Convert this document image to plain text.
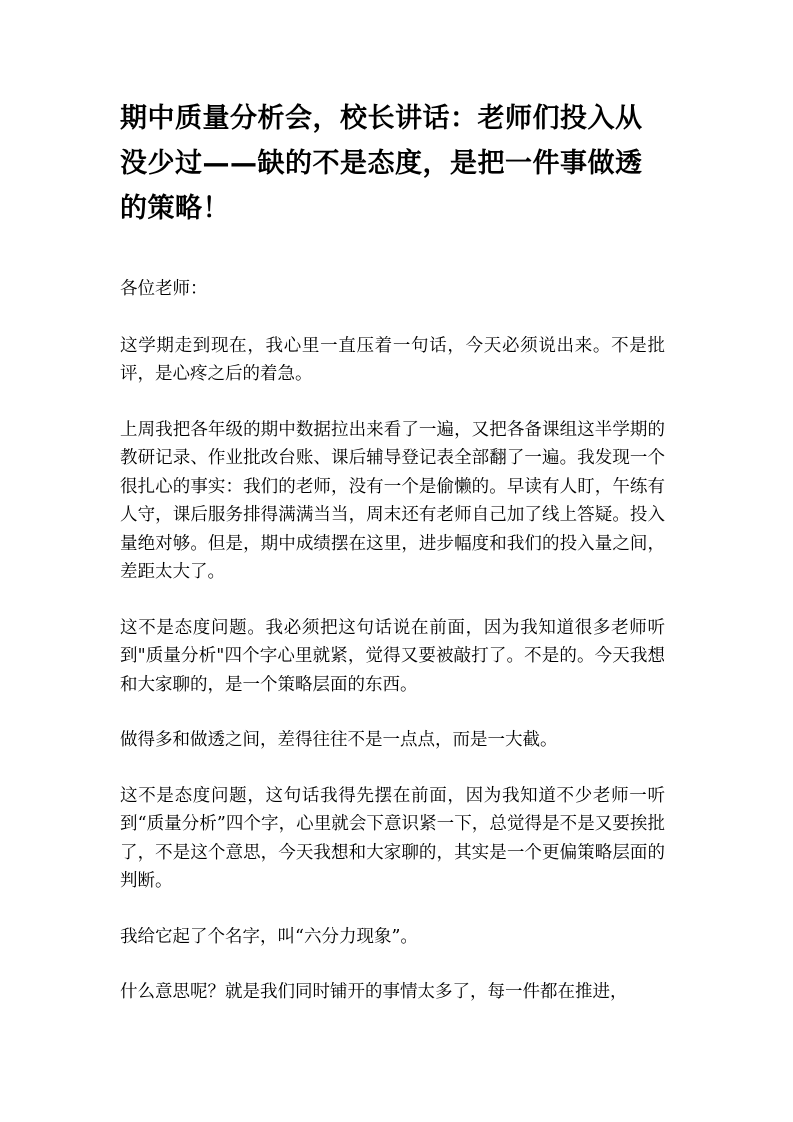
期中质量分析会，校长讲话：老师们投入从没少过——缺的不是态度，是把一件事做透的策略！

各位老师：

这学期走到现在，我心里一直压着一句话，今天必须说出来。不是批评，是心疼之后的着急。

上周我把各年级的期中数据拉出来看了一遍，又把各备课组这半学期的教研记录、作业批改台账、课后辅导登记表全部翻了一遍。我发现一个很扎心的事实：我们的老师，没有一个是偷懒的。早读有人盯，午练有人守，课后服务排得满满当当，周末还有老师自己加了线上答疑。投入量绝对够。但是，期中成绩摆在这里，进步幅度和我们的投入量之间，差距太大了。

这不是态度问题。我必须把这句话说在前面，因为我知道很多老师听到"质量分析"四个字心里就紧，觉得又要被敲打了。不是的。今天我想和大家聊的，是一个策略层面的东西。

做得多和做透之间，差得往往不是一点点，而是一大截。

这不是态度问题，这句话我得先摆在前面，因为我知道不少老师一听到“质量分析”四个字，心里就会下意识紧一下，总觉得是不是又要挨批了，不是这个意思，今天我想和大家聊的，其实是一个更偏策略层面的判断。

我给它起了个名字，叫“六分力现象”。

什么意思呢？就是我们同时铺开的事情太多了，每一件都在推进，
